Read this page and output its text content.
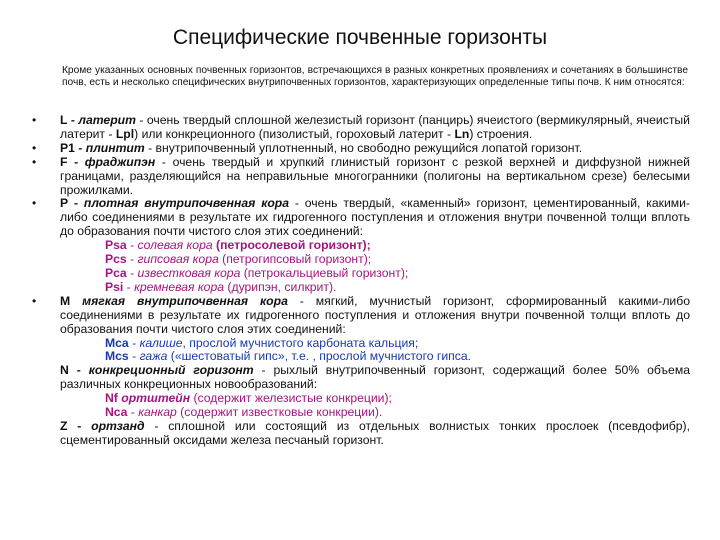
Специфические почвенные горизонты
Кроме указанных основных почвенных горизонтов, встречающихся в разных конкретных проявлениях и сочетаниях в большинстве почв, есть и несколько специфических внутрипочвенных горизонтов, характеризующих определенные типы почв. К ним относятся:

• L - латерит - очень твердый сплошной железистый горизонт (панцирь) ячеистого (вермикулярный, ячеистый латерит - Lpl) или конкреционного (пизолистый, гороховый латерит - Ln) строения.

• P1 - плинтит - внутрипочвенный уплотненный, но свободно режущийся лопатой горизонт.

• F - фраджипэн - очень твердый и хрупкий глинистый горизонт с резкой верхней и диффузной нижней границами, разделяющийся на неправильные многогранники (полигоны на вертикальном срезе) белесыми прожилками.

• P - плотная внутрипочвенная кора - очень твердый, «каменный» горизонт, цементированный, какими-либо соединениями в результате их гидрогенного поступления и отложения внутри почвенной толщи вплоть до образования почти чистого слоя этих соединений:

Psa - солевая кора (петросолевой горизонт);

Pcs - гипсовая кора (петрогипсовый горизонт);

Pca - известковая кора (петрокальциевый горизонт);

Psi - кремневая кора (дурипэн, силкрит).

• M мягкая внутрипочвенная кора - мягкий, мучнистый горизонт, сформированный какими-либо соединениями в результате их гидрогенного поступления и отложения внутри почвенной толщи вплоть до образования почти чистого слоя этих соединений:

Mca - калише, прослой мучнистого карбоната кальция;

Mcs - гажа («шестоватый гипс», т.е. , прослой мучнистого гипса.

N - конкреционный горизонт - рыхлый внутрипочвенный горизонт, содержащий более 50% объема различных конкреционных новообразований:

Nf ортштейн (содержит железистые конкреции);

Nca - канкар (содержит известковые конкреции).

Z - ортзанд - сплошной или состоящий из отдельных волнистых тонких прослоек (псевдофибр), сцементированный оксидами железа песчаный горизонт.
